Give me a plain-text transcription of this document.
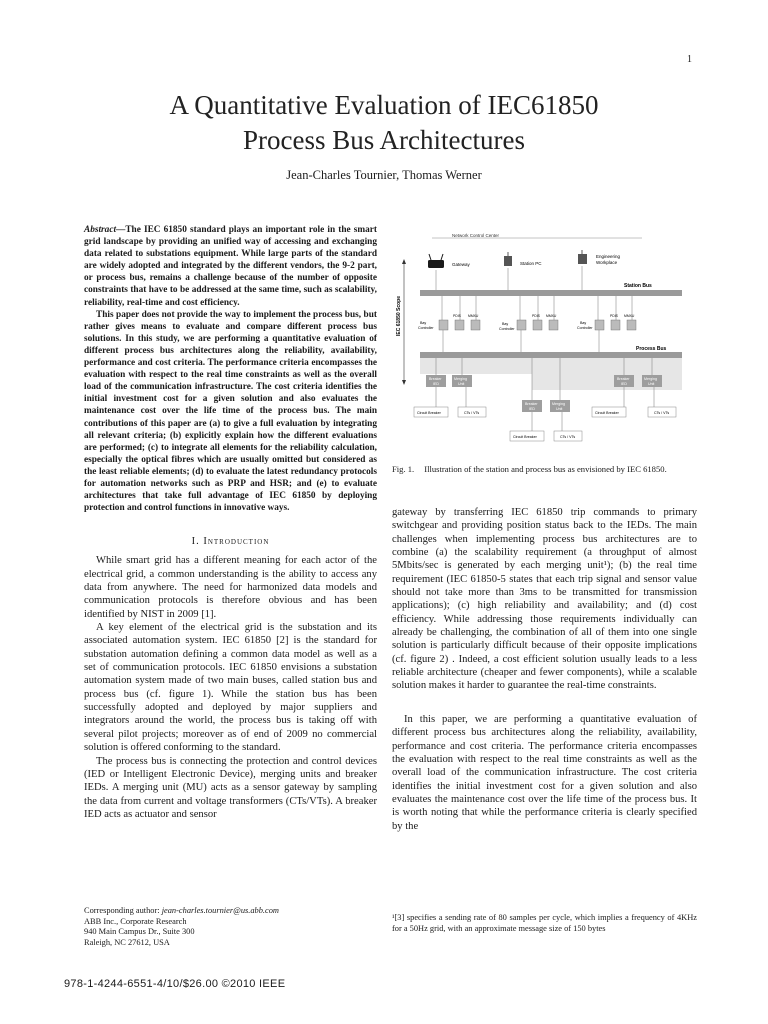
1
A Quantitative Evaluation of IEC61850
Process Bus Architectures
Jean-Charles Tournier, Thomas Werner

Abstract—The IEC 61850 standard plays an important role in the smart grid landscape by providing an unified way of accessing and exchanging data related to substations equipment. While large parts of the standard are widely adopted and integrated by the different vendors, the 9-2 part, or process bus, remains a challenge because of the number of opposite constraints that have to be addressed at the same time, such as scalability, reliability, real-time and cost efficiency.

This paper does not provide the way to implement the process bus, but rather gives means to evaluate and compare different process bus solutions. In this study, we are performing a quantitative evaluation of different process bus architectures along the reliability, availability, performance and cost criteria. The performance criteria encompasses the evaluation with respect to the real time constraints as well as the overall load of the communication infrastructure. The cost criteria identifies the initial investment cost for a given solution and also evaluates the maintenance cost over the life time of the process bus. The main contributions of this paper are (a) to give a full evaluation by integrating all relevant criteria; (b) explicitly explain how the different evaluations are performed; (c) to integrate all elements for the reliability calculation, especially the optical fibres which are usually omitted but considered as the least reliable elements; (d) to evaluate the latest redundancy protocols for automation networks such as PRP and HSR; and (e) to evaluate architectures that take full advantage of IEC 61850 by deploying protection and control functions in innovative ways.

I. Introduction

While smart grid has a different meaning for each actor of the electrical grid, a common understanding is the ability to access any data from anywhere. The need for harmonized data models and communication protocols is therefore obvious and has been identified by NIST in 2009 [1].

A key element of the electrical grid is the substation and its associated automation system. IEC 61850 [2] is the standard for substation automation defining a common data model as well as a set of communication protocols. IEC 61850 envisions a substation automation system made of two main buses, called station bus and process bus (cf. figure 1). While the station bus has been successfully adopted and deployed by major suppliers and integrators around the world, the process bus is taking off with several pilot projects; moreover as of end of 2009 no commercial solution is offered conforming to the standard.

The process bus is connecting the protection and control devices (IED or Intelligent Electronic Device), merging units and breaker IEDs. A merging unit (MU) acts as a sensor gateway by sampling the data from current and voltage transformers (CTs/VTs). A breaker IED acts as actuator and sensor

Corresponding author: jean-charles.tournier@us.abb.com
ABB Inc., Corporate Research
940 Main Campus Dr., Suite 300
Raleigh, NC 27612, USA
978-1-4244-6551-4/10/$26.00 ©2010 IEEE
IEC 61850 Scope
Network Control Center
Gateway	Station PC
Engineering
Workplace
Station Bus
Bay
Controller
PDIS MMXU
Bay
Controller
PDIS MMXU
Bay
Controller
PDIS MMXU
Process Bus
Breaker
IED
Merging
Unit
Circuit Breaker	CTs / VTs
Breaker
IED
Merging
Unit
Circuit Breaker	CTs / VTs
Breaker
IED
Merging
Unit
Circuit Breaker	CTs / VTs
Fig. 1. Illustration of the station and process bus as envisioned by IEC 61850.

gateway by transferring IEC 61850 trip commands to primary switchgear and providing position status back to the IEDs. The main challenges when implementing process bus architectures are to combine (a) the scalability requirement (a throughput of almost 5Mbits/sec is generated by each merging unit¹); (b) the real time requirement (IEC 61850-5 states that each trip signal and sensor value should not take more than 3ms to be transmitted for transmission applications); (c) high reliability and availability; and (d) cost efficiency. While addressing those requirements individually can already be challenging, the combination of all of them into one single solution is particularly difficult because of their opposite implications (cf. figure 2) . Indeed, a cost efficient solution usually leads to a less reliable architecture (cheaper and fewer components), while a scalable solution makes it harder to guarantee the real-time constraints.

In this paper, we are performing a quantitative evaluation of different process bus architectures along the reliability, availability, performance and cost criteria. The performance criteria encompasses the evaluation with respect to the real time constraints as well as the overall load of the communication infrastructure. The cost criteria identifies the initial investment cost for a given solution and also evaluates the maintenance cost over the life time of the process bus. It is worth noting that while the performance criteria is clearly specified by the

¹[3] specifies a sending rate of 80 samples per cycle, which implies a frequency of 4KHz for a 50Hz grid, with an approximate message size of 150 bytes
